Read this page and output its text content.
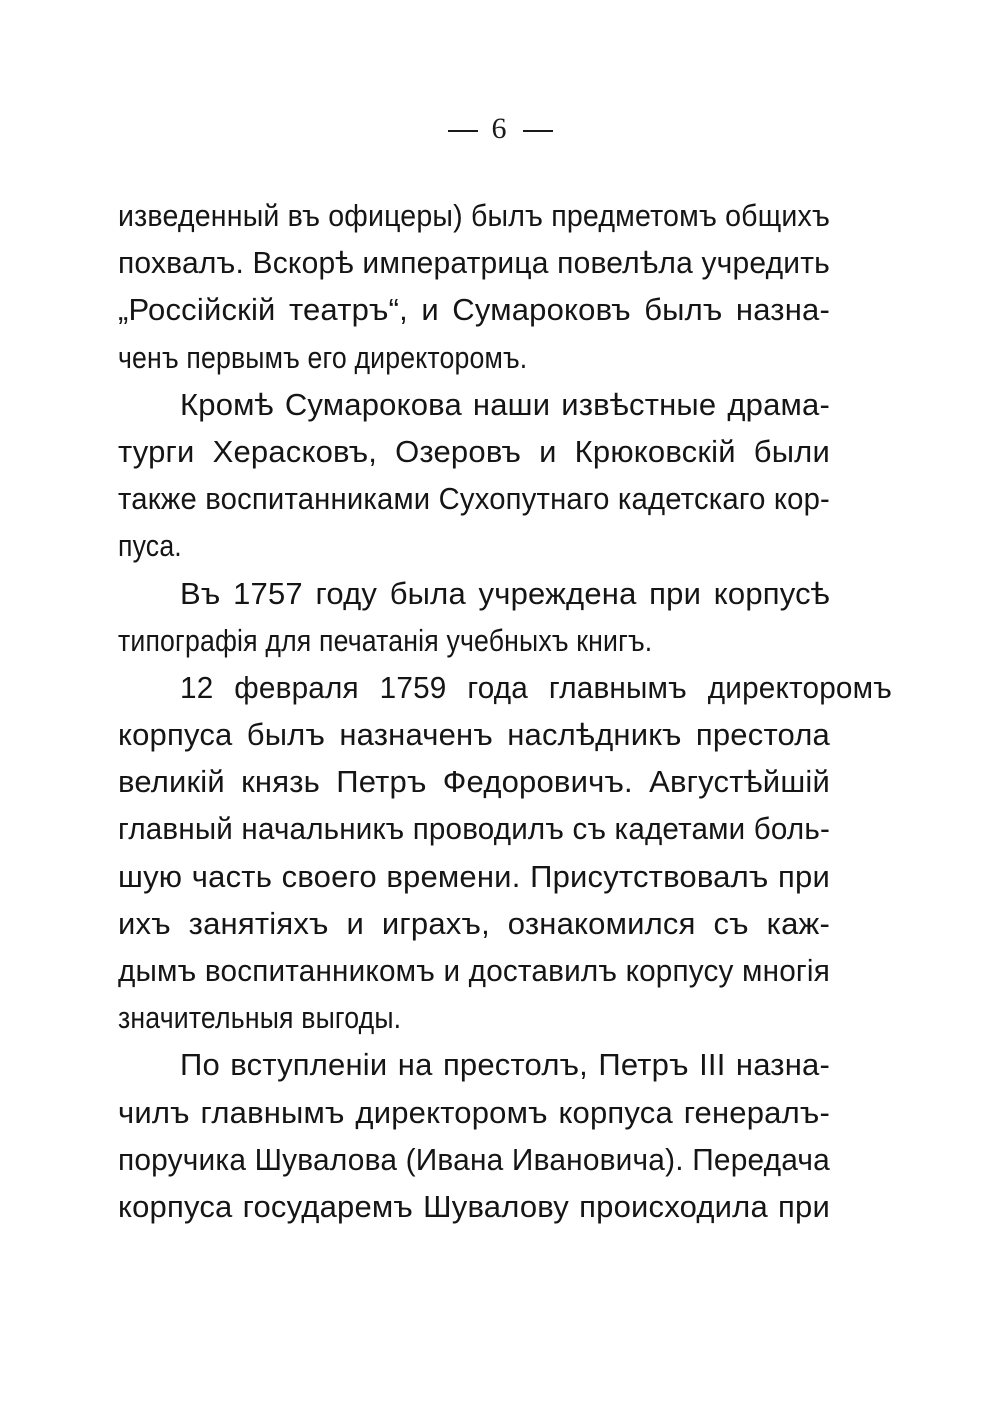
6
изведенный въ офицеры) былъ предметомъ общихъ
похвалъ. Вскорѣ императрица повелѣла учредить
„Россійскій театръ“, и Сумароковъ былъ назна-
ченъ первымъ его директоромъ.
Кромѣ Сумарокова наши извѣстные драма-
турги Херасковъ, Озеровъ и Крюковскій были
также воспитанниками Сухопутнаго кадетскаго кор-
пуса.
Въ 1757 году была учреждена при корпусѣ
типографія для печатанія учебныхъ книгъ.
12 февраля 1759 года главнымъ директоромъ
корпуса былъ назначенъ наслѣдникъ престола
великій князь Петръ Федоровичъ. Августѣйшій
главный начальникъ проводилъ съ кадетами боль-
шую часть своего времени. Присутствовалъ при
ихъ занятіяхъ и играхъ, ознакомился съ каж-
дымъ воспитанникомъ и доставилъ корпусу многія
значительныя выгоды.
По вступленіи на престолъ, Петръ III назна-
чилъ главнымъ директоромъ корпуса генералъ-
поручика Шувалова (Ивана Ивановича). Передача
корпуса государемъ Шувалову происходила при
